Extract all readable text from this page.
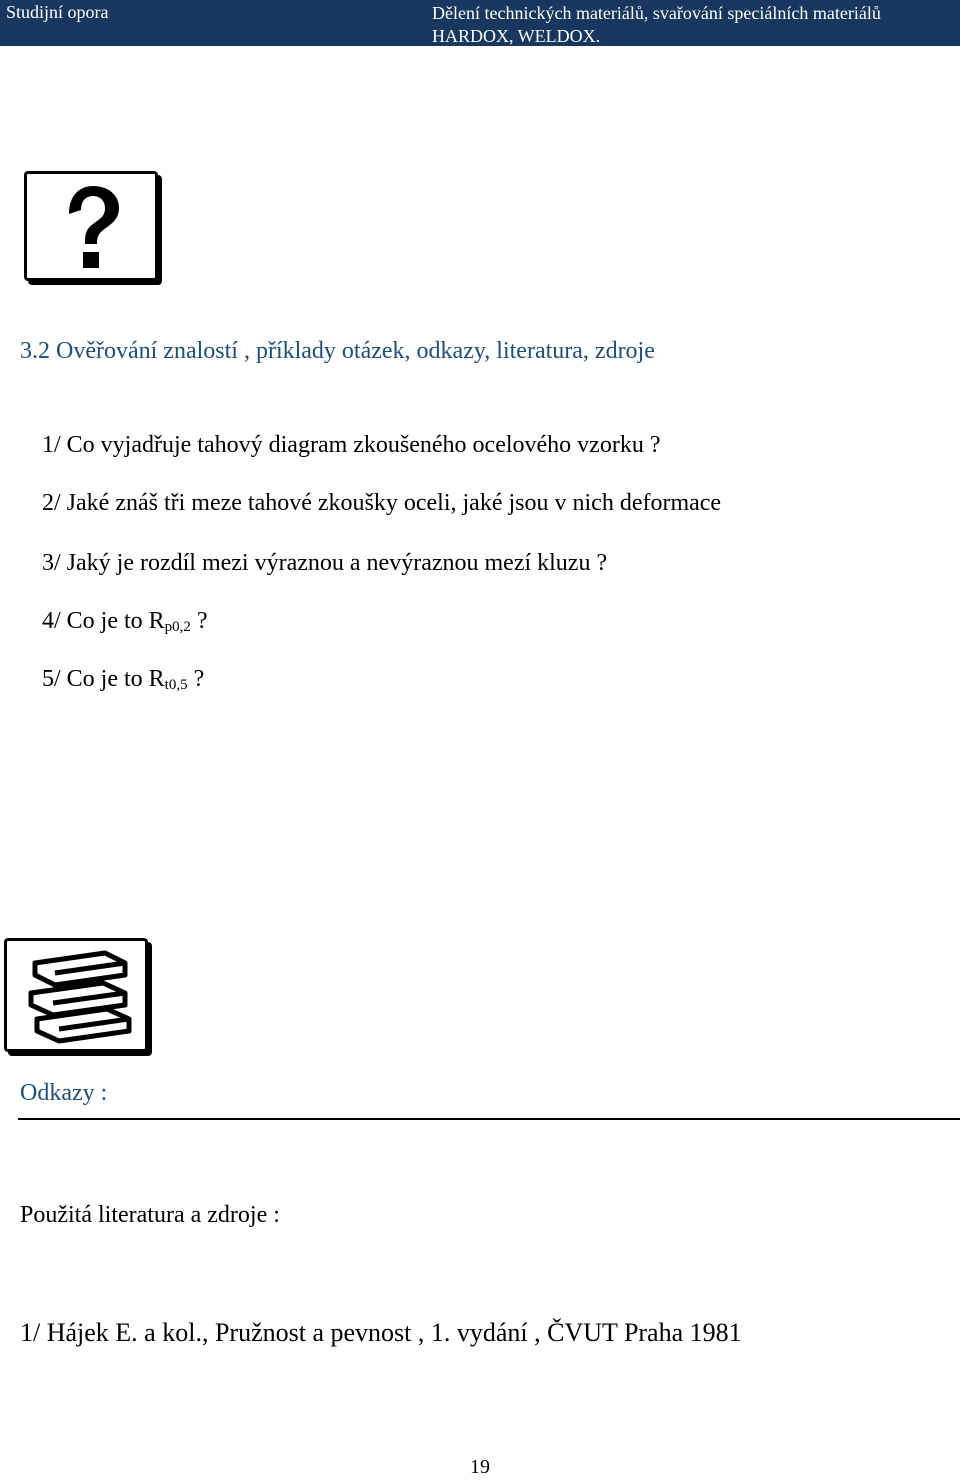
Studijní opora	Dělení technických materiálů, svařování speciálních materiálů
HARDOX, WELDOX.
3.2 Ověřování znalostí , příklady otázek, odkazy, literatura, zdroje
1/ Co vyjadřuje tahový diagram zkoušeného ocelového vzorku ?
2/ Jaké znáš tři meze tahové zkoušky oceli, jaké jsou v nich deformace
3/ Jaký je rozdíl mezi výraznou a nevýraznou mezí kluzu ?
4/ Co je to $R_{p0,2}$ ?
5/ Co je to $R_{t0,5}$ ?
Odkazy :
Použitá literatura a zdroje :
1/ Hájek E. a kol., Pružnost a pevnost , 1. vydání , ČVUT Praha 1981
19
